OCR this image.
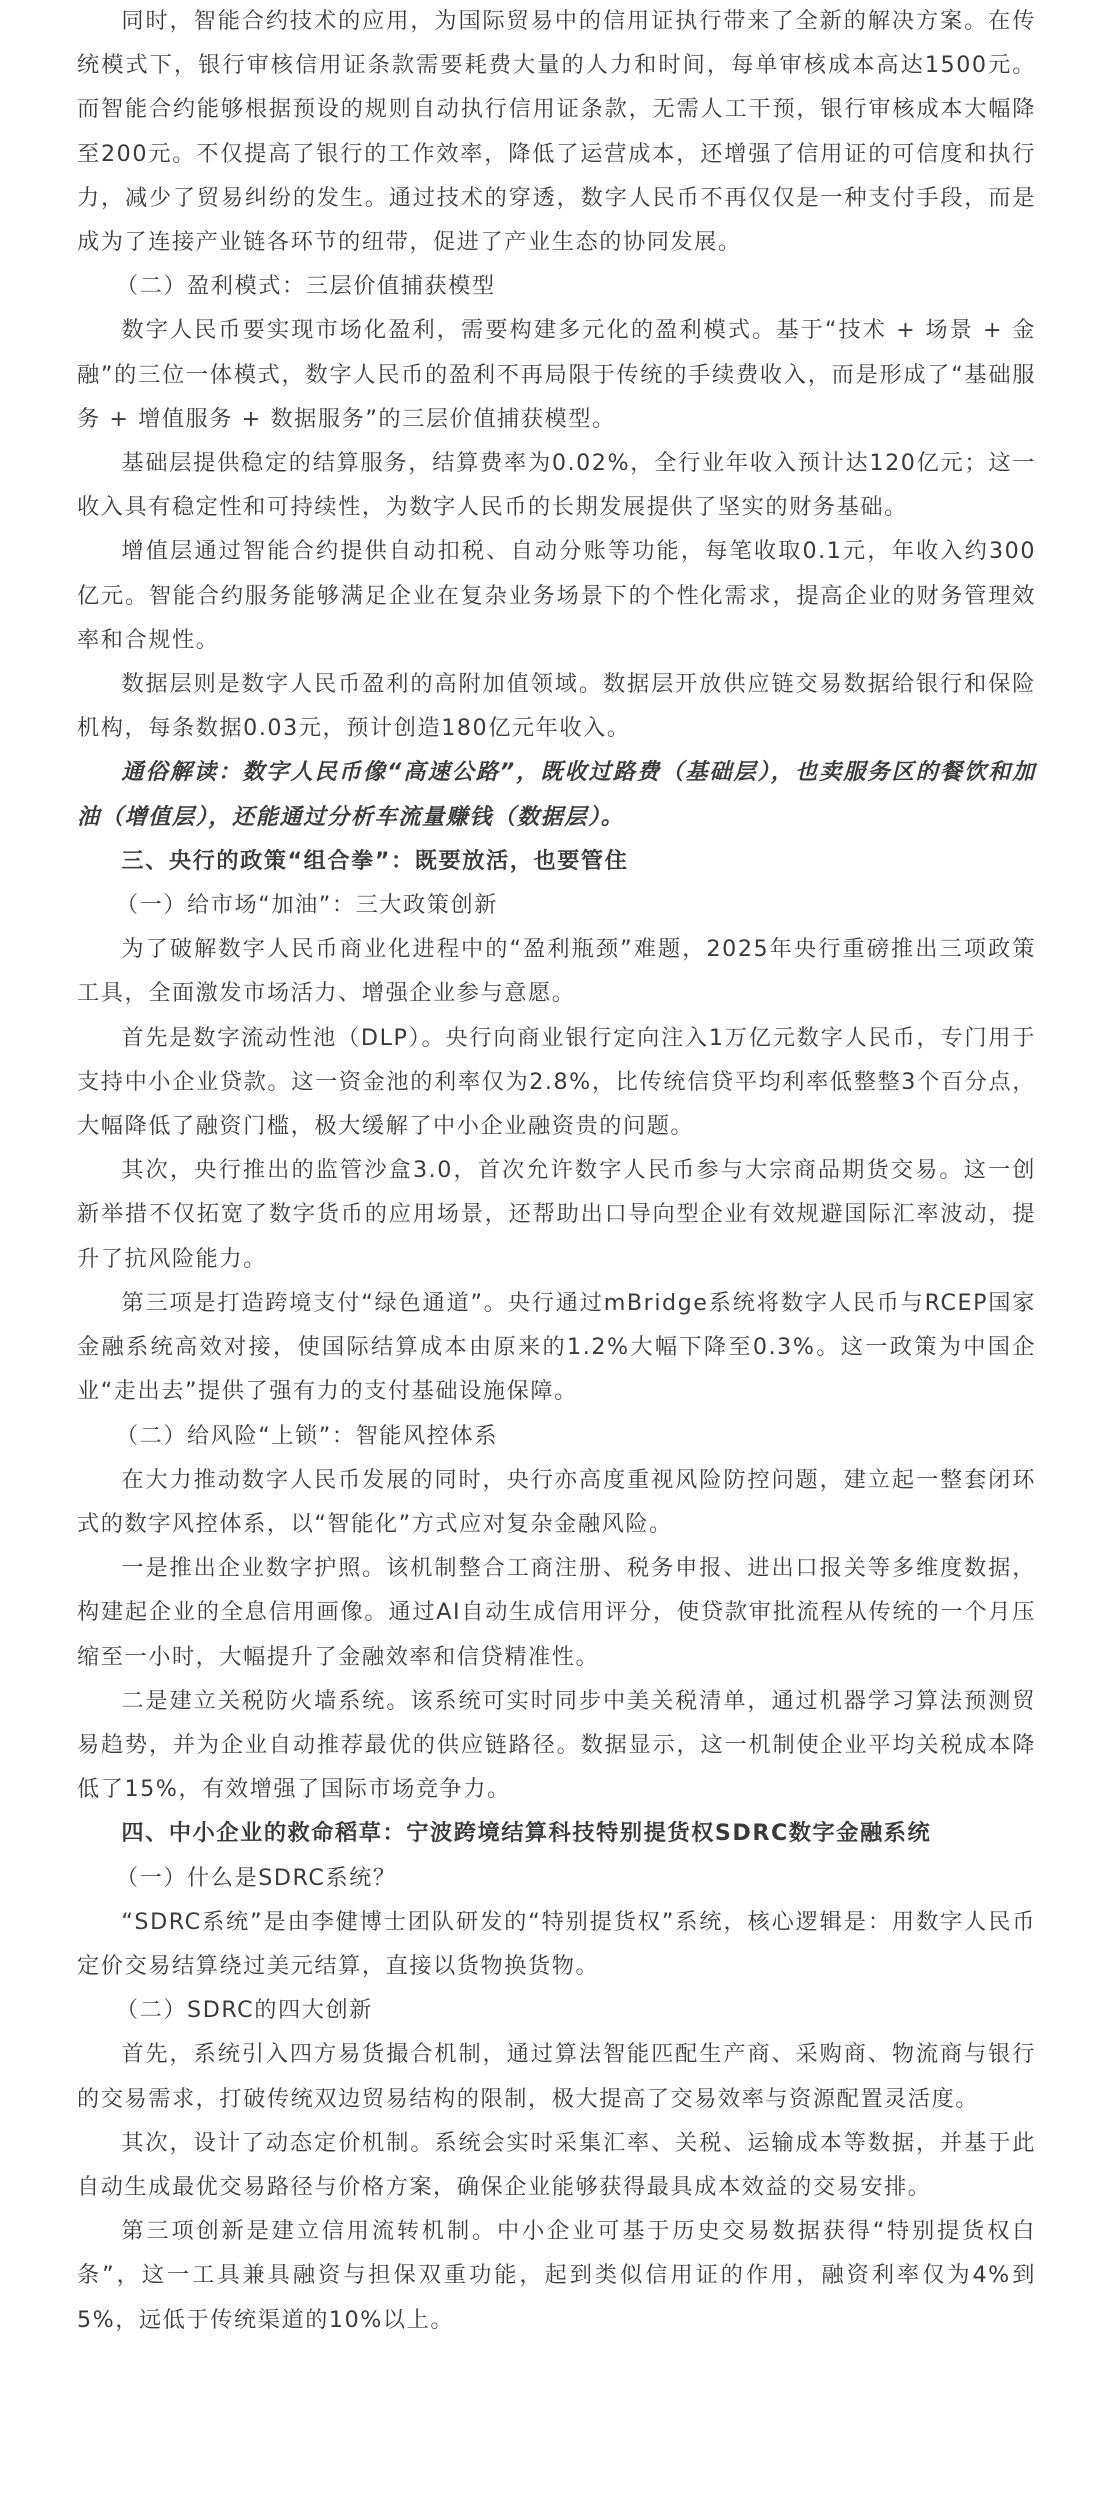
同时，智能合约技术的应用，为国际贸易中的信用证执行带来了全新的解决方案。在传统模式下，银行审核信用证条款需要耗费大量的人力和时间，每单审核成本高达1500元。而智能合约能够根据预设的规则自动执行信用证条款，无需人工干预，银行审核成本大幅降至200元。不仅提高了银行的工作效率，降低了运营成本，还增强了信用证的可信度和执行力，减少了贸易纠纷的发生。通过技术的穿透，数字人民币不再仅仅是一种支付手段，而是成为了连接产业链各环节的纽带，促进了产业生态的协同发展。

（二）盈利模式：三层价值捕获模型

数字人民币要实现市场化盈利，需要构建多元化的盈利模式。基于“技术 + 场景 + 金融”的三位一体模式，数字人民币的盈利不再局限于传统的手续费收入，而是形成了“基础服务 + 增值服务 + 数据服务”的三层价值捕获模型。

基础层提供稳定的结算服务，结算费率为0.02%，全行业年收入预计达120亿元；这一收入具有稳定性和可持续性，为数字人民币的长期发展提供了坚实的财务基础。

增值层通过智能合约提供自动扣税、自动分账等功能，每笔收取0.1元，年收入约300亿元。智能合约服务能够满足企业在复杂业务场景下的个性化需求，提高企业的财务管理效率和合规性。

数据层则是数字人民币盈利的高附加值领域。数据层开放供应链交易数据给银行和保险机构，每条数据0.03元，预计创造180亿元年收入。

通俗解读：数字人民币像“高速公路”，既收过路费（基础层），也卖服务区的餐饮和加油（增值层），还能通过分析车流量赚钱（数据层）。

三、央行的政策“组合拳”：既要放活，也要管住

（一）给市场“加油”：三大政策创新

为了破解数字人民币商业化进程中的“盈利瓶颈”难题，2025年央行重磅推出三项政策工具，全面激发市场活力、增强企业参与意愿。

首先是数字流动性池（DLP）。央行向商业银行定向注入1万亿元数字人民币，专门用于支持中小企业贷款。这一资金池的利率仅为2.8%，比传统信贷平均利率低整整3个百分点，大幅降低了融资门槛，极大缓解了中小企业融资贵的问题。

其次，央行推出的监管沙盒3.0，首次允许数字人民币参与大宗商品期货交易。这一创新举措不仅拓宽了数字货币的应用场景，还帮助出口导向型企业有效规避国际汇率波动，提升了抗风险能力。

第三项是打造跨境支付“绿色通道”。央行通过mBridge系统将数字人民币与RCEP国家金融系统高效对接，使国际结算成本由原来的1.2%大幅下降至0.3%。这一政策为中国企业“走出去”提供了强有力的支付基础设施保障。

（二）给风险“上锁”：智能风控体系

在大力推动数字人民币发展的同时，央行亦高度重视风险防控问题，建立起一整套闭环式的数字风控体系，以“智能化”方式应对复杂金融风险。

一是推出企业数字护照。该机制整合工商注册、税务申报、进出口报关等多维度数据，构建起企业的全息信用画像。通过AI自动生成信用评分，使贷款审批流程从传统的一个月压缩至一小时，大幅提升了金融效率和信贷精准性。

二是建立关税防火墙系统。该系统可实时同步中美关税清单，通过机器学习算法预测贸易趋势，并为企业自动推荐最优的供应链路径。数据显示，这一机制使企业平均关税成本降低了15%，有效增强了国际市场竞争力。

四、中小企业的救命稻草：宁波跨境结算科技特别提货权SDRC数字金融系统

（一）什么是SDRC系统？

“SDRC系统”是由李健博士团队研发的“特别提货权”系统，核心逻辑是：用数字人民币定价交易结算绕过美元结算，直接以货物换货物。

（二）SDRC的四大创新

首先，系统引入四方易货撮合机制，通过算法智能匹配生产商、采购商、物流商与银行的交易需求，打破传统双边贸易结构的限制，极大提高了交易效率与资源配置灵活度。

其次，设计了动态定价机制。系统会实时采集汇率、关税、运输成本等数据，并基于此自动生成最优交易路径与价格方案，确保企业能够获得最具成本效益的交易安排。

第三项创新是建立信用流转机制。中小企业可基于历史交易数据获得“特别提货权白条”，这一工具兼具融资与担保双重功能，起到类似信用证的作用，融资利率仅为4%到5%，远低于传统渠道的10%以上。
